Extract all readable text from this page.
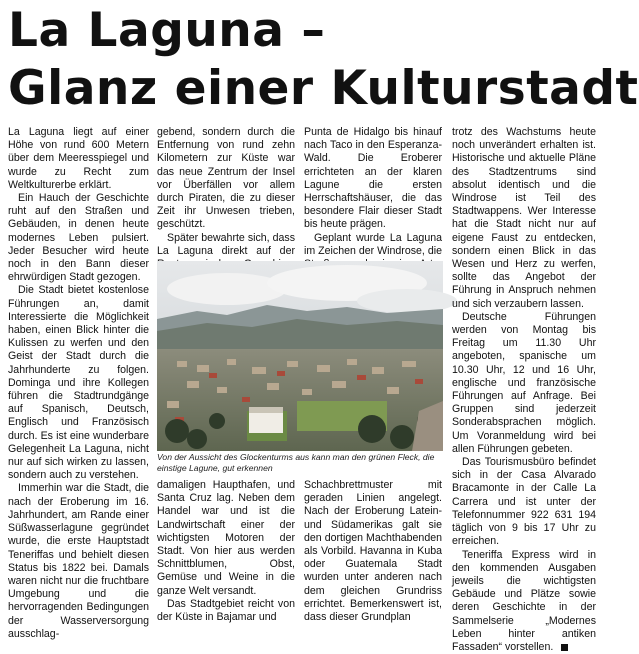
La Laguna –
Glanz einer Kulturstadt

La Laguna liegt auf einer Höhe von rund 600 Metern über dem Meeresspiegel und wurde zu Recht zum Weltkulturerbe erklärt.

Ein Hauch der Geschichte ruht auf den Straßen und Gebäuden, in denen heute modernes Leben pulsiert. Jeder Besucher wird heute noch in den Bann dieser ehrwürdigen Stadt gezogen.

Die Stadt bietet kostenlose Führungen an, damit Interessierte die Möglichkeit haben, einen Blick hinter die Kulissen zu werfen und den Geist der Stadt durch die Jahrhunderte zu folgen. Dominga und ihre Kollegen führen die Stadtrundgänge auf Spanisch, Deutsch, Englisch und Französisch durch. Es ist eine wunderbare Gelegenheit La Laguna, nicht nur auf sich wirken zu lassen, sondern auch zu verstehen.

Immerhin war die Stadt, die nach der Eroberung im 16. Jahrhundert, am Rande einer Süßwasserlagune gegründet wurde, die erste Hauptstadt Teneriffas und behielt diesen Status bis 1822 bei. Damals waren nicht nur die fruchtbare Umgebung und die hervorragenden Bedingungen der Wasserversorgung ausschlag-

gebend, sondern durch die Entfernung von rund zehn Kilometern zur Küste war das neue Zentrum der Insel vor Überfällen vor allem durch Piraten, die zu dieser Zeit ihr Unwesen trieben, geschützt.

Später bewahrte sich, dass La Laguna direkt auf der

Punta de Hidalgo bis hinauf nach Taco in den Esperanza-Wald. Die Eroberer errichteten an der klaren Lagune die ersten Herrschaftshäuser, die das besondere Flair dieser Stadt bis heute prägen.

Geplant wurde La Laguna im Zeichen der Windrose, die

Von der Aussicht des Glockenturms aus kann man den grünen Fleck, die einstige Lagune, gut erkennen

damaligen Haupthafen, und Santa Cruz lag. Neben dem Handel war und ist die Landwirtschaft einer der wichtigsten Motoren der Stadt. Von hier aus werden Schnittblumen, Obst, Gemüse und Weine in die ganze Welt versandt.

Das Stadtgebiet reicht von der Küste in Bajamar und

Schachbrettmuster mit geraden Linien angelegt. Nach der Eroberung Latein- und Südamerikas galt sie den dortigen Machthabenden als Vorbild. Havanna in Kuba oder Guatemala Stadt wurden unter anderen nach dem gleichen Grundriss errichtet. Bemerkenswert ist, dass dieser Grundplan

trotz des Wachstums heute noch unverändert erhalten ist. Historische und aktuelle Pläne des Stadtzentrums sind absolut identisch und die Windrose ist Teil des Stadtwappens. Wer Interesse hat die Stadt nicht nur auf eigene Faust zu entdecken, sondern einen Blick in das Wesen und Herz zu werfen, sollte das Angebot der Führung in Anspruch nehmen und sich verzaubern lassen.

Deutsche Führungen werden von Montag bis Freitag um 11.30 Uhr angeboten, spanische um 10.30 Uhr, 12 und 16 Uhr, englische und französische Führungen auf Anfrage. Bei Gruppen sind jederzeit Sonderabsprachen möglich. Um Voranmeldung wird bei allen Führungen gebeten.

Das Tourismusbüro befindet sich in der Casa Alvarado Bracamonte in der Calle La Carrera und ist unter der Telefonnummer 922 631 194 täglich von 9 bis 17 Uhr zu erreichen.

Teneriffa Express wird in den kommenden Ausgaben jeweils die wichtigsten Gebäude und Plätze sowie deren Geschichte in der Sammelserie „Modernes Leben hinter antiken Fassaden“ vorstellen.
